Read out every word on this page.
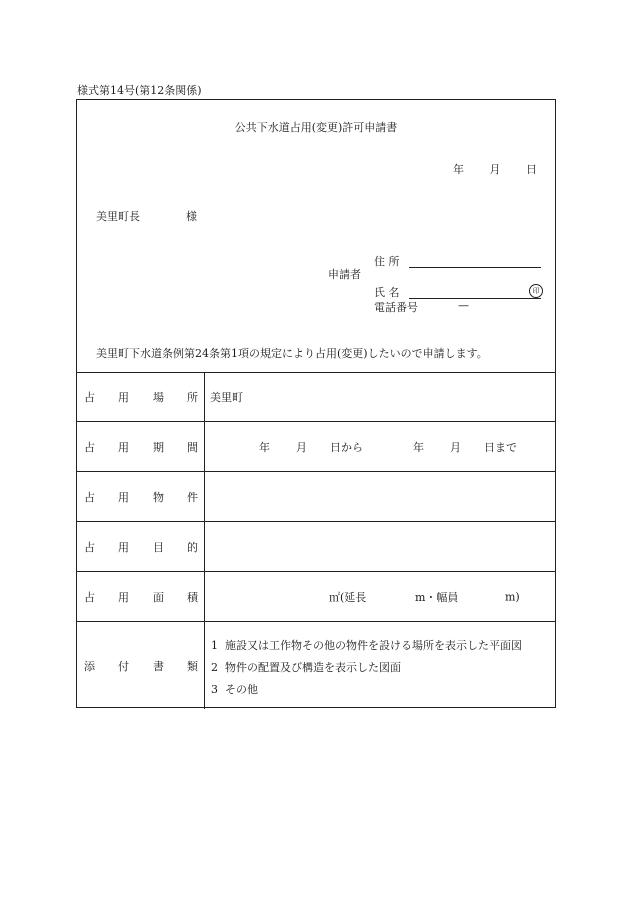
様式第14号(第12条関係)
公共下水道占用(変更)許可申請書
年 月 日
美里町長	様
申請者
住 所
氏 名	印
電話番号	—
美里町下水道条例第24条第1項の規定により占用(変更)したいので申請します。
占 用 場 所 美里町
占 用 期 間	年 月 日から	年 月 日まで
占 用 物 件
占 用 目 的
占 用 面 積	㎡(延長	m・幅員	m)
添 付 書 類
1 施設又は工作物その他の物件を設ける場所を表示した平面図
2 物件の配置及び構造を表示した図面
3 その他
